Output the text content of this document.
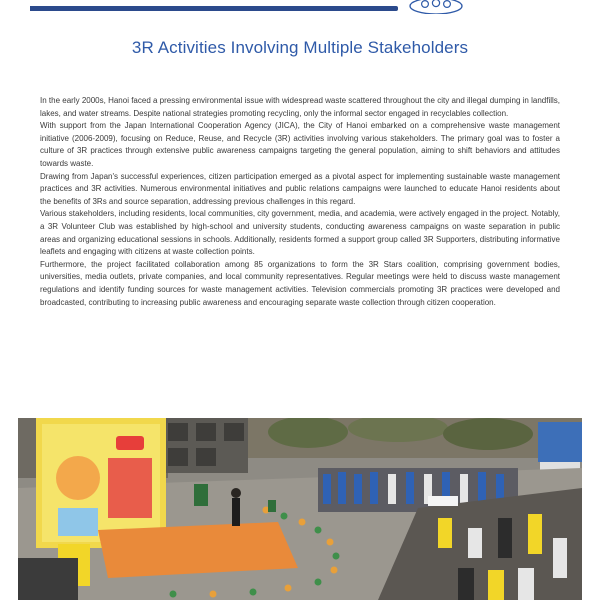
3R Activities Involving Multiple Stakeholders

In the early 2000s, Hanoi faced a pressing environmental issue with widespread waste scattered throughout the city and illegal dumping in landfills, lakes, and water streams. Despite national strategies promoting recycling, only the informal sector engaged in recyclables collection.

With support from the Japan International Cooperation Agency (JICA), the City of Hanoi embarked on a comprehensive waste management initiative (2006-2009), focusing on Reduce, Reuse, and Recycle (3R) activities involving various stakeholders. The primary goal was to foster a culture of 3R practices through extensive public awareness campaigns targeting the general population, aiming to shift behaviors and attitudes towards waste.

Drawing from Japan's successful experiences, citizen participation emerged as a pivotal aspect for implementing sustainable waste management practices and 3R activities. Numerous environmental initiatives and public relations campaigns were launched to educate Hanoi residents about the benefits of 3Rs and source separation, addressing previous challenges in this regard.

Various stakeholders, including residents, local communities, city government, media, and academia, were actively engaged in the project. Notably, a 3R Volunteer Club was established by high-school and university students, conducting awareness campaigns on waste separation in public areas and organizing educational sessions in schools. Additionally, residents formed a support group called 3R Supporters, distributing informative leaflets and engaging with citizens at waste collection points.

Furthermore, the project facilitated collaboration among 85 organizations to form the 3R Stars coalition, comprising government bodies, universities, media outlets, private companies, and local community representatives. Regular meetings were held to discuss waste management regulations and identify funding sources for waste management activities. Television commercials promoting 3R practices were developed and broadcasted, contributing to increasing public awareness and encouraging separate waste collection through citizen cooperation.
